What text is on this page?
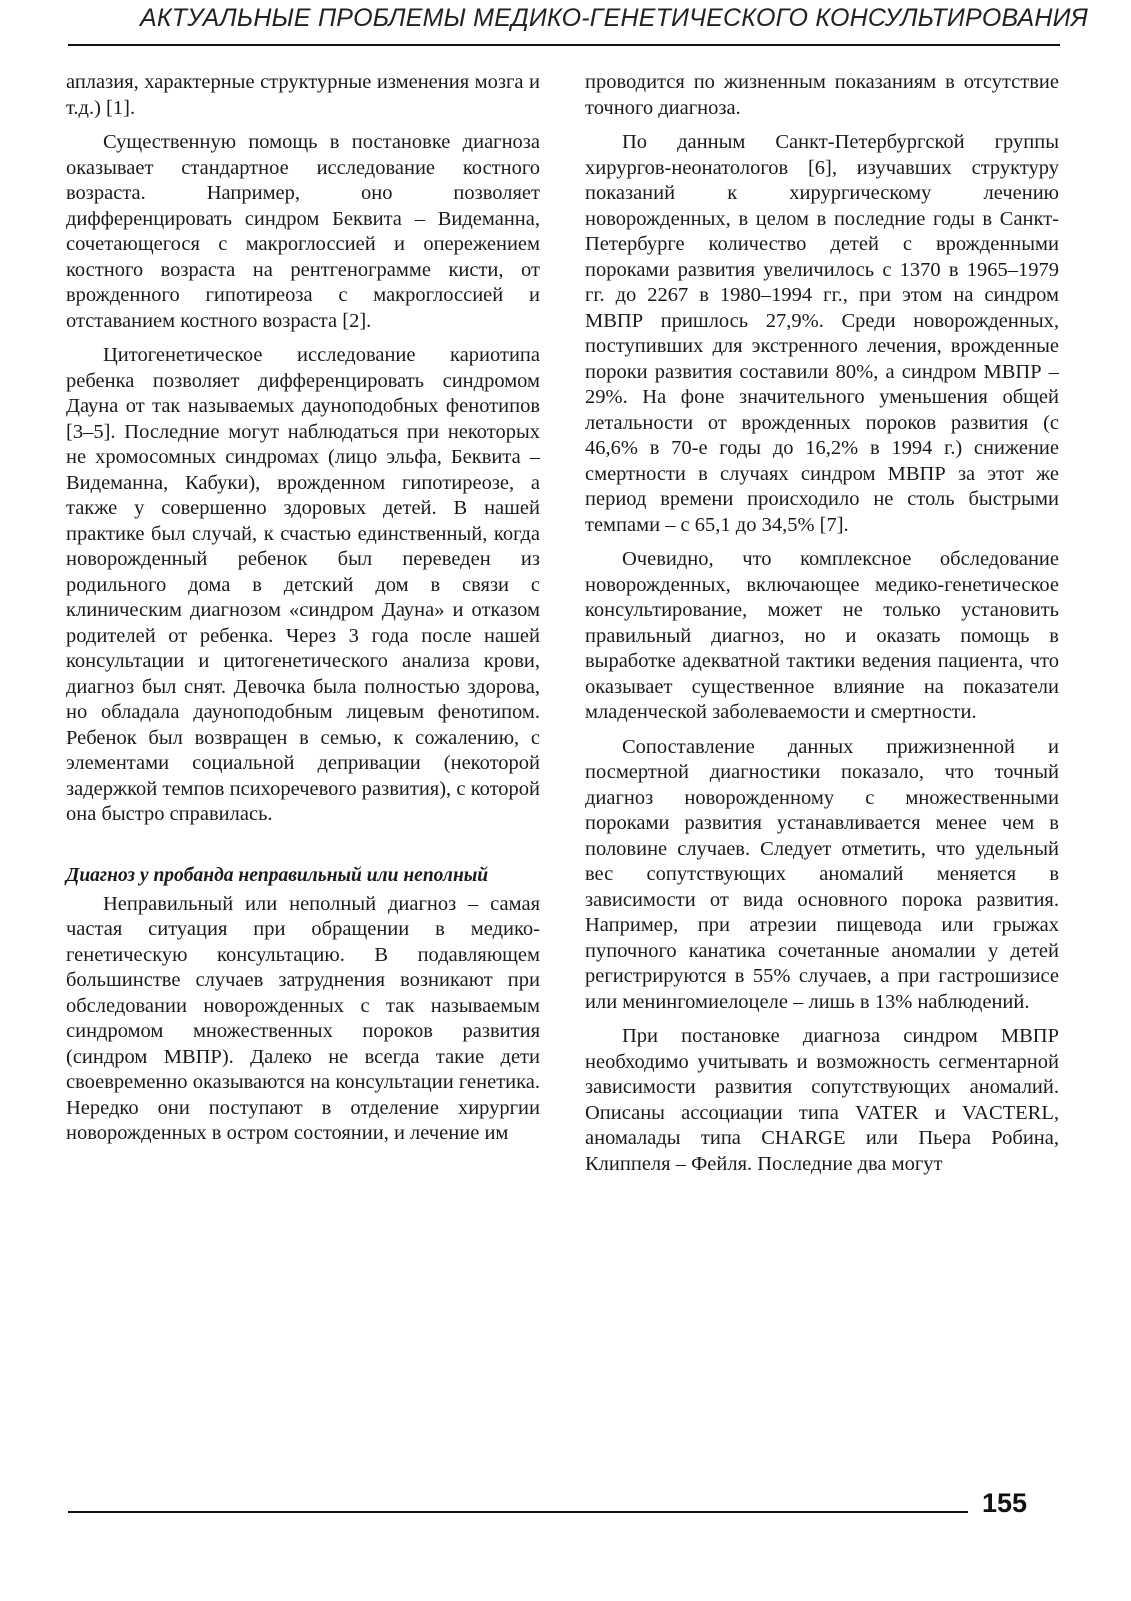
АКТУАЛЬНЫЕ ПРОБЛЕМЫ МЕДИКО-ГЕНЕТИЧЕСКОГО КОНСУЛЬТИРОВАНИЯ

аплазия, характерные структурные изменения мозга и т.д.) [1].

Существенную помощь в постановке диагноза оказывает стандартное исследование костного возраста. Например, оно позволяет дифференцировать синдром Беквита – Видеманна, сочетающегося с макроглоссией и опережением костного возраста на рентгенограмме кисти, от врожденного гипотиреоза с макроглоссией и отставанием костного возраста [2].

Цитогенетическое исследование кариотипа ребенка позволяет дифференцировать синдромом Дауна от так называемых дауноподобных фенотипов [3–5]. Последние могут наблюдаться при некоторых не хромосомных синдромах (лицо эльфа, Беквита – Видеманна, Кабуки), врожденном гипотиреозе, а также у совершенно здоровых детей. В нашей практике был случай, к счастью единственный, когда новорожденный ребенок был переведен из родильного дома в детский дом в связи с клиническим диагнозом «синдром Дауна» и отказом родителей от ребенка. Через 3 года после нашей консультации и цитогенетического анализа крови, диагноз был снят. Девочка была полностью здорова, но обладала дауноподобным лицевым фенотипом. Ребенок был возвращен в семью, к сожалению, с элементами социальной депривации (некоторой задержкой темпов психоречевого развития), с которой она быстро справилась.

Диагноз у пробанда неправильный или неполный

Неправильный или неполный диагноз – самая частая ситуация при обращении в медико-генетическую консультацию. В подавляющем большинстве случаев затруднения возникают при обследовании новорожденных с так называемым синдромом множественных пороков развития (синдром МВПР). Далеко не всегда такие дети своевременно оказываются на консультации генетика. Нередко они поступают в отделение хирургии новорожденных в остром состоянии, и лечение им

проводится по жизненным показаниям в отсутствие точного диагноза.

По данным Санкт-Петербургской группы хирургов-неонатологов [6], изучавших структуру показаний к хирургическому лечению новорожденных, в целом в последние годы в Санкт-Петербурге количество детей с врожденными пороками развития увеличилось с 1370 в 1965–1979 гг. до 2267 в 1980–1994 гг., при этом на синдром МВПР пришлось 27,9%. Среди новорожденных, поступивших для экстренного лечения, врожденные пороки развития составили 80%, а синдром МВПР – 29%. На фоне значительного уменьшения общей летальности от врожденных пороков развития (с 46,6% в 70-е годы до 16,2% в 1994 г.) снижение смертности в случаях синдром МВПР за этот же период времени происходило не столь быстрыми темпами – с 65,1 до 34,5% [7].

Очевидно, что комплексное обследование новорожденных, включающее медико-генетическое консультирование, может не только установить правильный диагноз, но и оказать помощь в выработке адекватной тактики ведения пациента, что оказывает существенное влияние на показатели младенческой заболеваемости и смертности.

Сопоставление данных прижизненной и посмертной диагностики показало, что точный диагноз новорожденному с множественными пороками развития устанавливается менее чем в половине случаев. Следует отметить, что удельный вес сопутствующих аномалий меняется в зависимости от вида основного порока развития. Например, при атрезии пищевода или грыжах пупочного канатика сочетанные аномалии у детей регистрируются в 55% случаев, а при гастрошизисе или менингомиелоцеле – лишь в 13% наблюдений.

При постановке диагноза синдром МВПР необходимо учитывать и возможность сегментарной зависимости развития сопутствующих аномалий. Описаны ассоциации типа VATER и VACTERL, аномалады типа CHARGE или Пьера Робина, Клиппеля – Фейля. Последние два могут

155
